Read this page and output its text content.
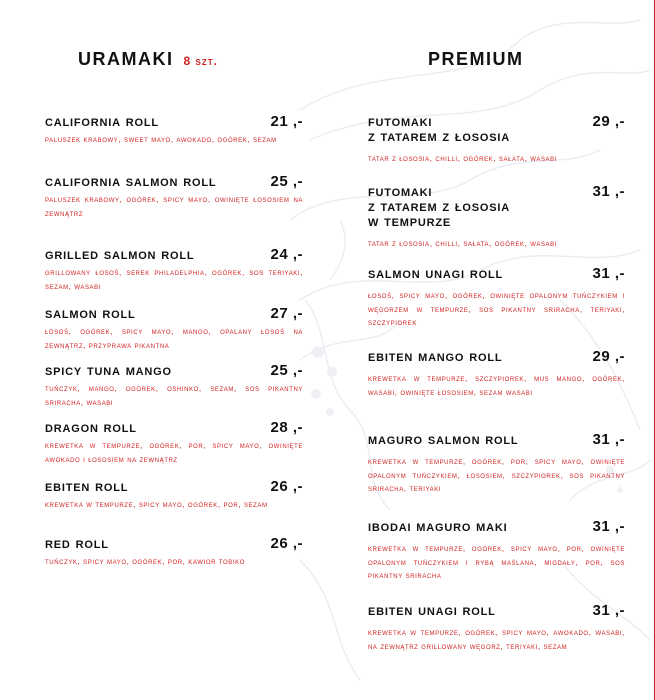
uramaki 8 szt.
california roll	21 ,-
paluszek krabowy, sweet mayo, awokado, ogórek, sezam
california salmon roll	25 ,-
paluszek krabowy, ogórek, spicy mayo, owinięte łososiem na zewnątrz
grilled salmon roll	24 ,-
grillowany łosoś, serek philadelphia, ogórek, sos teriyaki, sezam, wasabi
salmon roll	27 ,-
łosoś, ogórek, spicy mayo, mango, opalany łosoś na zewnątrz, przyprawa pikantna
spicy tuna mango	25 ,-
tuńczyk, mango, ogórek, oshinko, sezam, sos pikantny sriracha, wasabi
dragon roll	28 ,-
krewetka w tempurze, ogórek, por, spicy mayo, owinięte awokado i łososiem na zewnątrz
ebiten roll	26 ,-
krewetka w tempurze, spicy mayo, ogórek, por, sezam
red roll	26 ,-
tuńczyk, spicy mayo, ogórek, por, kawior tobiko
premium
futomaki
z tatarem z łososia
29 ,-
tatar z łososia, chilli, ogórek, sałata, wasabi
futomaki
z tatarem z łososia
w tempurze
31 ,-
tatar z łososia, chilli, sałata, ogórek, wasabi
salmon unagi roll	31 ,-
łosoś, spicy mayo, ogórek, owinięte opalonym tuńczykiem i węgorzem w tempurze, sos pikantny sriracha, teriyaki, szczypiorek
ebiten mango roll	29 ,-
krewetka w tempurze, szczypiorek, mus mango, ogórek, wasabi, owinięte łososiem, sezam wasabi
maguro salmon roll	31 ,-
krewetka w tempurze, ogórek, por, spicy mayo, owinięte opalonym tuńczykiem, łososiem, szczypiorek, sos pikantny sriracha, teriyaki
ibodai maguro maki	31 ,-
krewetka w tempurze, ogórek, spicy mayo, por, owinięte opalonym tuńczykiem i rybą maślana, migdały, por, sos pikantny sriracha
ebiten unagi roll	31 ,-
krewetka w tempurze, ogórek, spicy mayo, awokado, wasabi, na zewnątrz grillowany węgorz, teriyaki, sezam
